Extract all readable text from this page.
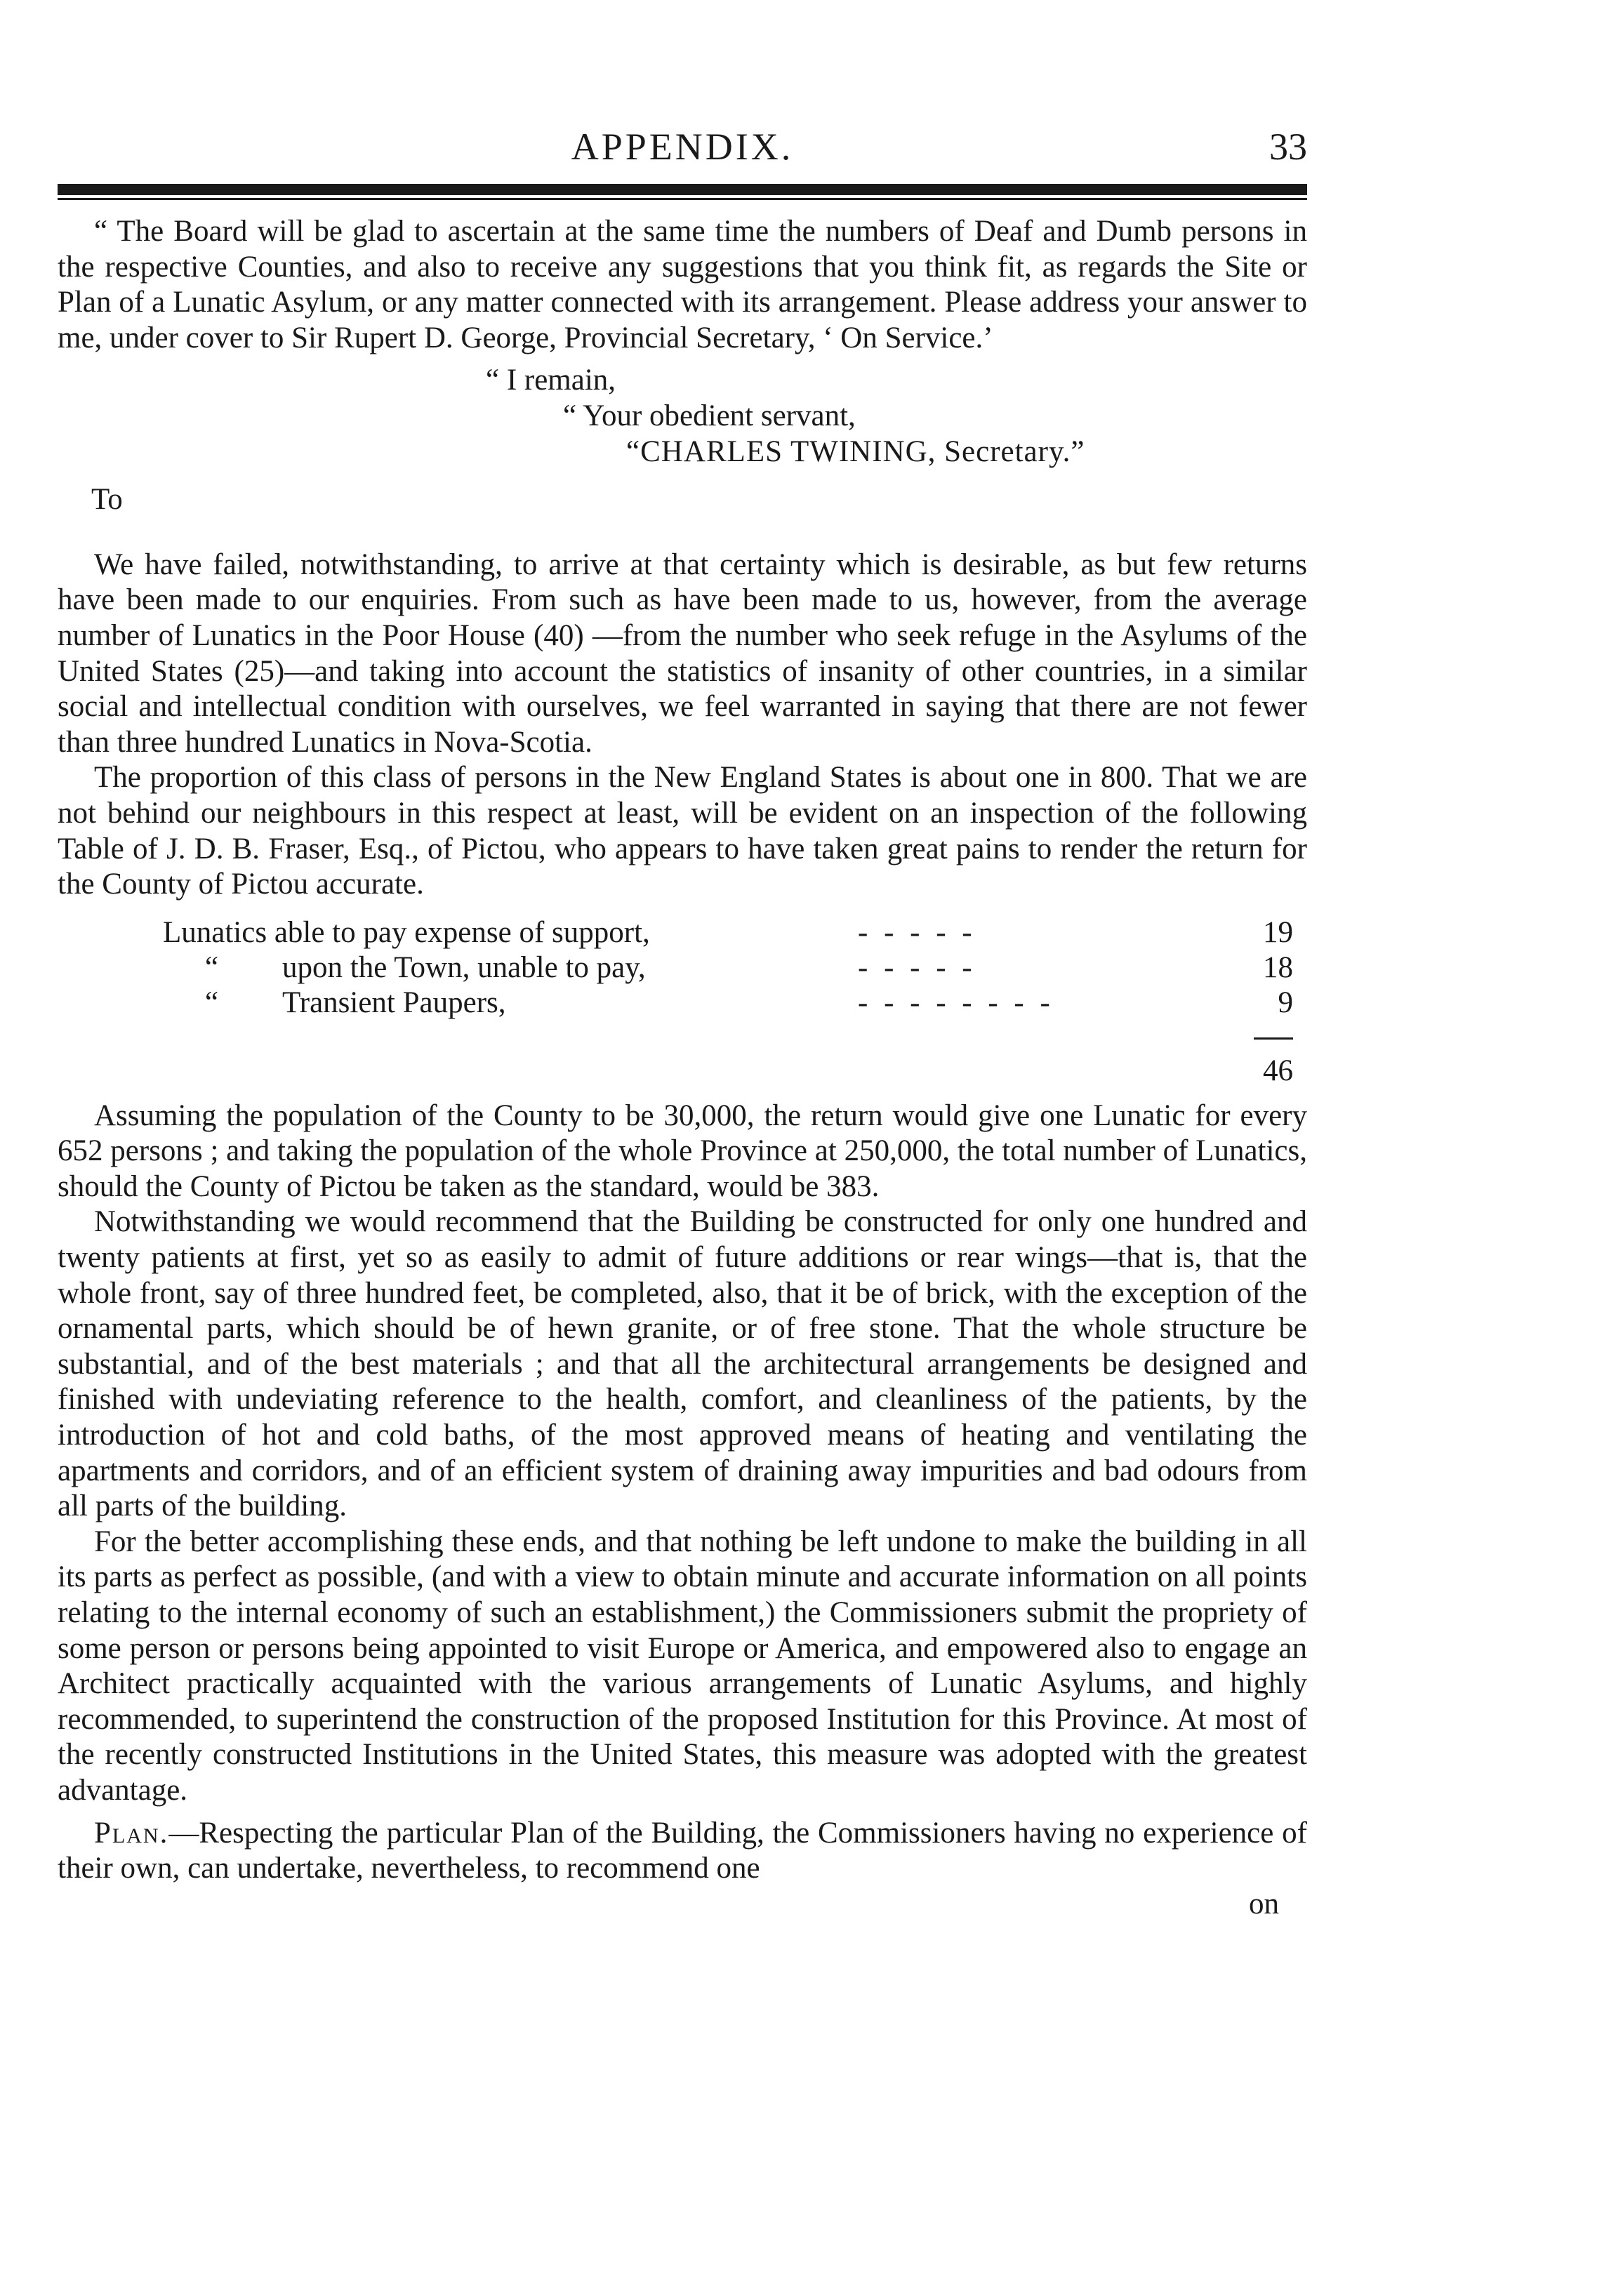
APPENDIX.	33

“ The Board will be glad to ascertain at the same time the numbers of Deaf and Dumb persons in the respective Counties, and also to receive any suggestions that you think fit, as regards the Site or Plan of a Lunatic Asylum, or any matter connected with its arrangement. Please address your answer to me, under cover to Sir Rupert D. George, Provincial Secretary, ‘ On Service.’

“ I remain,
“ Your obedient servant,
“CHARLES TWINING, Secretary.”
To

We have failed, notwithstanding, to arrive at that certainty which is desirable, as but few returns have been made to our enquiries. From such as have been made to us, however, from the average number of Lunatics in the Poor House (40) —from the number who seek refuge in the Asylums of the United States (25)—and taking into account the statistics of insanity of other countries, in a similar social and intellectual condition with ourselves, we feel warranted in saying that there are not fewer than three hundred Lunatics in Nova-Scotia.

The proportion of this class of persons in the New England States is about one in 800. That we are not behind our neighbours in this respect at least, will be evident on an inspection of the following Table of J. D. B. Fraser, Esq., of Pictou, who appears to have taken great pains to render the return for the County of Pictou accurate.

Lunatics able to pay expense of support,	- - - - -	19
“ upon the Town, unable to pay,	- - - - -	18
“ Transient Paupers,	- - - - - - - -	9
		46

Assuming the population of the County to be 30,000, the return would give one Lunatic for every 652 persons ; and taking the population of the whole Province at 250,000, the total number of Lunatics, should the County of Pictou be taken as the standard, would be 383.

Notwithstanding we would recommend that the Building be constructed for only one hundred and twenty patients at first, yet so as easily to admit of future additions or rear wings—that is, that the whole front, say of three hundred feet, be completed, also, that it be of brick, with the exception of the ornamental parts, which should be of hewn granite, or of free stone. That the whole structure be substantial, and of the best materials ; and that all the architectural arrangements be designed and finished with undeviating reference to the health, comfort, and cleanliness of the patients, by the introduction of hot and cold baths, of the most approved means of heating and ventilating the apartments and corridors, and of an efficient system of draining away impurities and bad odours from all parts of the building.

For the better accomplishing these ends, and that nothing be left undone to make the building in all its parts as perfect as possible, (and with a view to obtain minute and accurate information on all points relating to the internal economy of such an establishment,) the Commissioners submit the propriety of some person or persons being appointed to visit Europe or America, and empowered also to engage an Architect practically acquainted with the various arrangements of Lunatic Asylums, and highly recommended, to superintend the construction of the proposed Institution for this Province. At most of the recently constructed Institutions in the United States, this measure was adopted with the greatest advantage.

Plan.—Respecting the particular Plan of the Building, the Commissioners having no experience of their own, can undertake, nevertheless, to recommend one

on
